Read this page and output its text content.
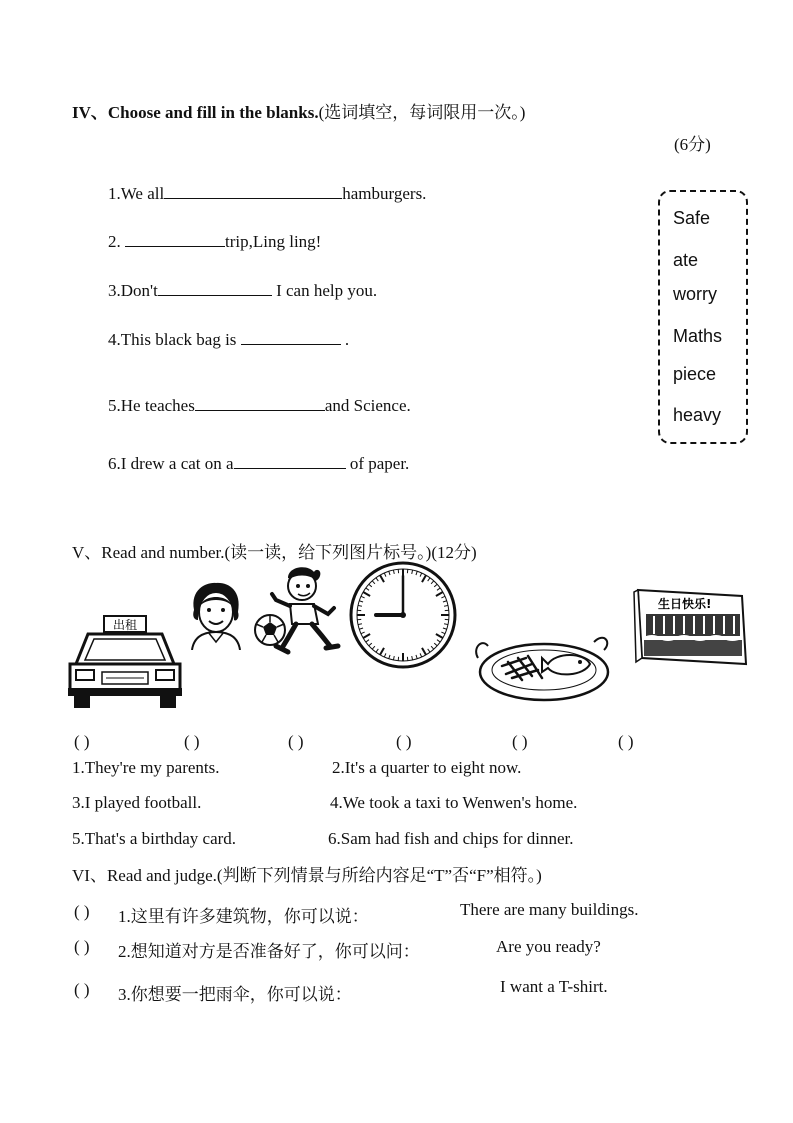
IV、Choose and fill in the blanks.(选词填空，每词限用一次。)
(6分)
1.We all	hamburgers.
2.	trip,Ling ling!
3.Don't	I can help you.
4.This black bag is	.
5.He teaches	and Science.
6.I drew a cat on a	of paper.
Safe
ate
worry
Maths
piece
heavy
V、Read and number.(读一读，给下列图片标号。)(12分)
出租
生日快乐!
( )	( )	( )	( )	( )	( )
1.They're my parents.	2.It's a quarter to eight now.
3.I played football.	4.We took a taxi to Wenwen's home.
5.That's a birthday card.	6.Sam had fish and chips for dinner.
VI、Read and judge.(判断下列情景与所给内容足“T”否“F”相符。)
( ) 1.这里有许多建筑物，你可以说：	There are many buildings.
( ) 2.想知道对方是否准备好了，你可以问：	Are you ready?
( ) 3.你想要一把雨伞，你可以说：	I want a T-shirt.
